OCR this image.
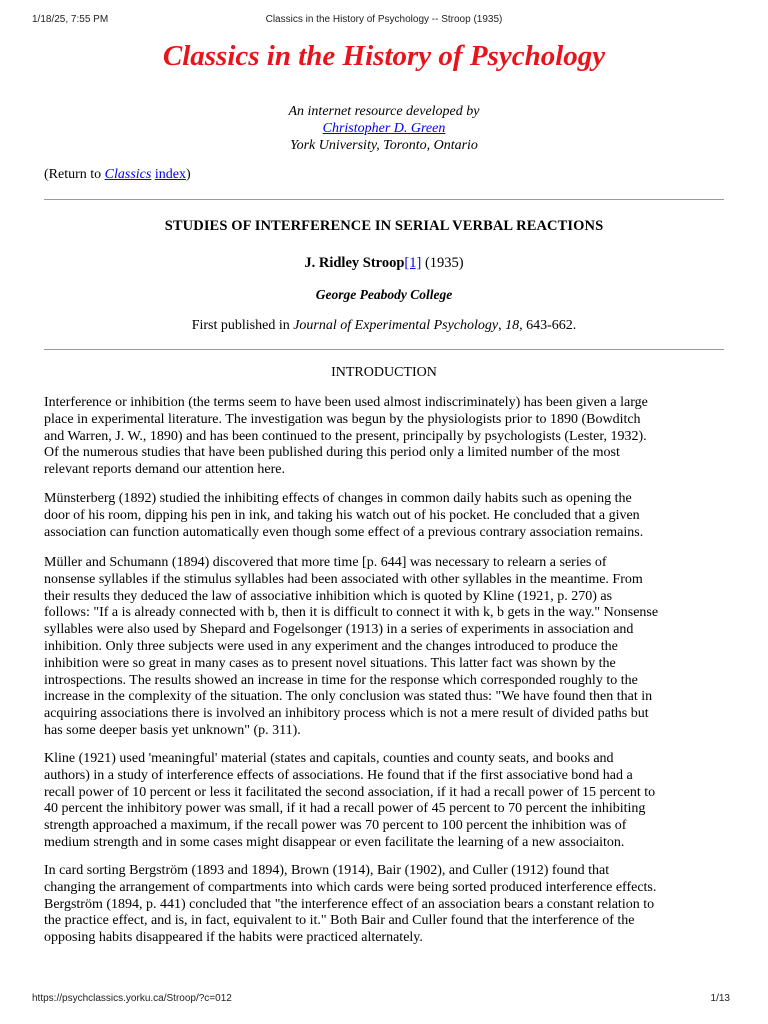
1/18/25, 7:55 PM	Classics in the History of Psychology -- Stroop (1935)
Classics in the History of Psychology
An internet resource developed by
Christopher D. Green
York University, Toronto, Ontario
(Return to Classics index)
STUDIES OF INTERFERENCE IN SERIAL VERBAL REACTIONS
J. Ridley Stroop[1] (1935)
George Peabody College
First published in Journal of Experimental Psychology, 18, 643-662.
INTRODUCTION
Interference or inhibition (the terms seem to have been used almost indiscriminately) has been given a large
place in experimental literature. The investigation was begun by the physiologists prior to 1890 (Bowditch
and Warren, J. W., 1890) and has been continued to the present, principally by psychologists (Lester, 1932).
Of the numerous studies that have been published during this period only a limited number of the most
relevant reports demand our attention here.
Münsterberg (1892) studied the inhibiting effects of changes in common daily habits such as opening the
door of his room, dipping his pen in ink, and taking his watch out of his pocket. He concluded that a given
association can function automatically even though some effect of a previous contrary association remains.
Müller and Schumann (1894) discovered that more time [p. 644] was necessary to relearn a series of
nonsense syllables if the stimulus syllables had been associated with other syllables in the meantime. From
their results they deduced the law of associative inhibition which is quoted by Kline (1921, p. 270) as
follows: "If a is already connected with b, then it is difficult to connect it with k, b gets in the way." Nonsense
syllables were also used by Shepard and Fogelsonger (1913) in a series of experiments in association and
inhibition. Only three subjects were used in any experiment and the changes introduced to produce the
inhibition were so great in many cases as to present novel situations. This latter fact was shown by the
introspections. The results showed an increase in time for the response which corresponded roughly to the
increase in the complexity of the situation. The only conclusion was stated thus: "We have found then that in
acquiring associations there is involved an inhibitory process which is not a mere result of divided paths but
has some deeper basis yet unknown" (p. 311).
Kline (1921) used 'meaningful' material (states and capitals, counties and county seats, and books and
authors) in a study of interference effects of associations. He found that if the first associative bond had a
recall power of 10 percent or less it facilitated the second association, if it had a recall power of 15 percent to
40 percent the inhibitory power was small, if it had a recall power of 45 percent to 70 percent the inhibiting
strength approached a maximum, if the recall power was 70 percent to 100 percent the inhibition was of
medium strength and in some cases might disappear or even facilitate the learning of a new associaiton.
In card sorting Bergström (1893 and 1894), Brown (1914), Bair (1902), and Culler (1912) found that
changing the arrangement of compartments into which cards were being sorted produced interference effects.
Bergström (1894, p. 441) concluded that "the interference effect of an association bears a constant relation to
the practice effect, and is, in fact, equivalent to it." Both Bair and Culler found that the interference of the
opposing habits disappeared if the habits were practiced alternately.
https://psychclassics.yorku.ca/Stroop/?c=012	1/13
